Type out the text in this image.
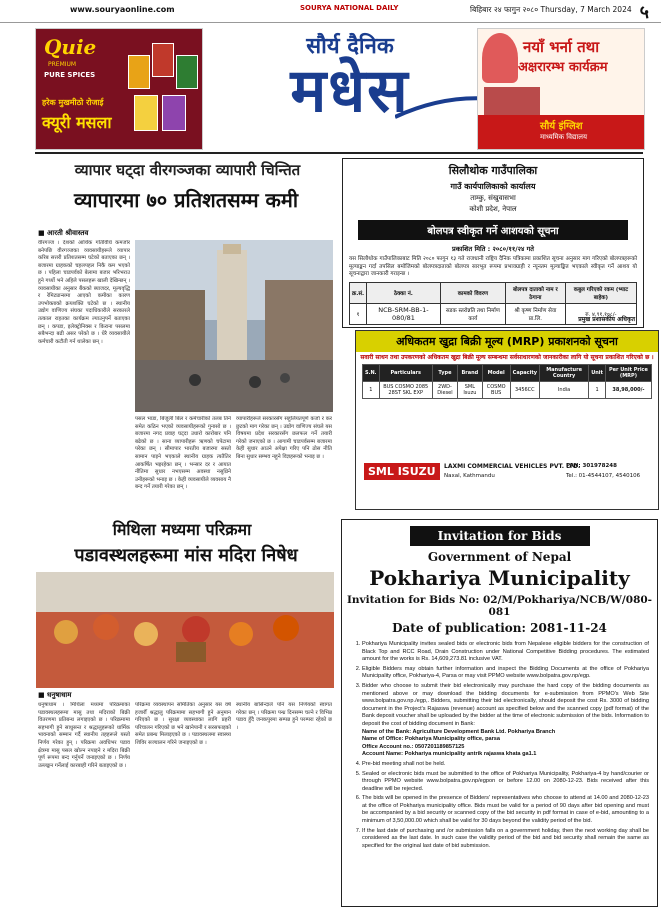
www.souryaonline.com	SOURYA NATIONAL DAILY	बिहिबार २४ फागुन २०८० Thursday, 7 March 2024 ५
Quie
PREMIUM
PURE SPICES
हरेक मुखमीठो रोजाई
क्यूरी मसला
सौर्य दैनिक
मधेस
नयाँ भर्ना तथा
अक्षरारम्भ कार्यक्रम
सौर्य इंग्लिश
माध्यमिक विद्यालय
व्यापार घट्दा वीरगञ्जका व्यापारी चिन्तित
व्यापारमा ७० प्रतिशतसम्म कमी
■ आरती श्रीवास्तव
वीरगञ्ज । देशको आर्थिक गतिविधि कमजोर बनेपछि वीरगञ्जका व्यवसायीहरूले व्यापार करिब सत्तरी प्रतिशतसम्म घटेको बताएका छन् । बजारमा ग्राहकको चहलपहल निकै कम भएको छ । पहिला चाडपर्वको बेलामा बजार भरिभराउ हुने गर्थ्यो भने अहिले पसलहरू खाली देखिन्छन् । व्यवसायीका अनुसार बैंकको ब्याजदर, मूल्यवृद्धि र रेमिट्यान्समा आएको कमीका कारण उपभोक्ताको क्रयशक्ति घटेको छ । स्थानीय उद्योग वाणिज्य संघका पदाधिकारीले सरकारले तत्काल राहतका कार्यक्रम ल्याउनुपर्ने बताएका छन् । कपडा, इलेक्ट्रोनिक्स र किराना पसलमा सबैभन्दा बढी असर परेको छ । धेरै व्यवसायीले कर्मचारी कटौती गर्न थालेका छन् ।
पसल भाडा, बिजुली बिल र कर्मचारीको तलब तिर्न समेत कठिन भएको व्यवसायीहरूको गुनासो छ । बजारमा नगद प्रवाह घट्दा उधारो कारोबार पनि बढेको छ । साना व्यापारीहरू ऋणको चपेटामा परेका छन् । सीमापार भारतीय बजारमा सस्तो सामान पाइने भएकाले स्थानीय ग्राहक त्यतैतिर आकर्षित भइरहेका छन् । भन्सार दर र आयात नीतिमा सुधार नभएसम्म अवस्था नसुध्रिने उनीहरूको भनाइ छ । केही व्यवसायीले व्यवसाय नै बन्द गर्ने तयारी गरेका छन् ।
व्यापारीहरूले सरकारसँग सहुलियतपूर्ण कर्जा र कर छुटको माग गरेका छन् । उद्योग वाणिज्य संघले यस विषयमा प्रदेश सरकारसँग छलफल गर्ने तयारी गरेको जनाएको छ । आगामी चाडपर्वसम्म बजारमा केही सुधार आउने अपेक्षा गरिए पनि ठोस नीति बिना सुधार सम्भव नहुने विज्ञहरूको भनाइ छ ।
सिलौथोक गाउँपालिका
गाउँ कार्यपालिकाको कार्यालय
ताम्कु, संखुवासभा
कोशी प्रदेश, नेपाल
बोलपत्र स्वीकृत गर्ने आशयको सूचना
प्रकाशित मिति : २०८०/११/२४ गते
यस सिलौथोक गाउँपालिकाबाट मिति २०८० फागुन १३ गते राजधानी राष्ट्रिय दैनिक पत्रिकामा प्रकाशित सूचना अनुसार माग गरिएको बोलपत्रहरूको मूल्याङ्कन गर्दा तपसिल बमोजिमको बोलपत्रदाताको बोलपत्र सारभूत रूपमा प्रभावग्राही र न्यूनतम मूल्याङ्कित भएकाले स्वीकृत गर्ने आशय यो सूचनाद्वारा जानकारी गराइन्छ ।
क्र.सं.	ठेक्का नं.	कामको विवरण	बोलपत्र दाताको नाम र ठेगाना	कबुल गरिएको रकम (भ्याट बाहेक)
१	NCB-SRM-BB-1-080/81	सडक स्तरोन्नति तथा निर्माण कार्य	श्री कृष्ण निर्माण सेवा प्रा.लि.	रु. ४,९१,१०८/-
प्रमुख प्रशासकीय अधिकृत
अधिकतम खुद्रा बिक्री मूल्य (MRP) प्रकाशनको सूचना
सवारी साधन तथा उपकरणको अधिकतम खुद्रा बिक्री मूल्य सम्बन्धमा सर्वसाधारणको जानकारीका लागि यो सूचना प्रकाशित गरिएको छ ।
S.N.	Particulars	Type	Brand	Model	Capacity	Manufacture Country	Unit	Per Unit Price (MRP)
1	BUS COSMO 2085 28ST SKL EXP	2WD-Diesel	SML Isuzu	COSMO BUS	3456CC	India	1	38,98,000/-
SML ISUZU	LAXMI COMMERCIAL VEHICLES PVT. LTD.
Naxal, Kathmandu
PAN: 301978248
Tel.: 01-4544107, 4540106
मिथिला मध्यमा परिक्रमा
पडावस्थलहरूमा मांस मदिरा निषेध
■ धनुषाधाम
धनुषाधाम । मिथिला मध्यमा परिक्रमाका पडावस्थलहरूमा मासु तथा मदिराको बिक्री वितरणमा प्रतिबन्ध लगाइएको छ । परिक्रमामा सहभागी हुने साधुसन्त र श्रद्धालुहरूको धार्मिक भावनाको सम्मान गर्दै स्थानीय तहहरूले यस्तो निर्णय गरेका हुन् । परिक्रमा अवधिभर पडाव क्षेत्रमा मासु पसल खोल्न नपाइने र मदिरा बिक्री पूर्ण रूपमा बन्द गर्नुपर्ने जनाइएको छ । निर्णय उल्लङ्घन गर्नेलाई कारबाही गरिने बताइएको छ ।
परिक्रमा व्यवस्थापन समितिका अनुसार यस वर्ष हजारौँ श्रद्धालु परिक्रमामा सहभागी हुने अनुमान गरिएको छ । सुरक्षा व्यवस्थाका लागि प्रहरी परिचालन गरिएको छ भने खानेपानी र सरसफाइको समेत प्रबन्ध मिलाइएको छ । पडावस्थलमा स्वास्थ्य शिविर सञ्चालन गरिने जनाइएको छ ।
स्थानीय बासिन्दाले पनि यस निर्णयको स्वागत गरेका छन् । परिक्रमा पन्ध्र दिनसम्म चल्ने र विभिन्न पडाव हुँदै जनकपुरमा सम्पन्न हुने परम्परा रहेको छ ।
Invitation for Bids
Government of Nepal
Pokhariya Municipality
Invitation for Bids No: 02/M/Pokhariya/NCB/W/080-081
Date of publication: 2081-11-24
1. Pokhariya Municipality invites sealed bids or electronic bids from Nepalese eligible bidders for the construction of Black Top and RCC Road, Drain Construction under National Competitive Bidding procedures. The estimated amount for the works is Rs. 14,609,273.81 inclusive VAT.
2. Eligible Bidders may obtain further information and inspect the Bidding Documents at the office of Pokhariya Municipality office, Pokhariya-4, Parsa or may visit PPMO website www.bolpatra.gov.np/egp.
3. Bidder who choose to submit their bid electronically may purchase the hard copy of the bidding documents as mentioned above or may download the bidding documents for e-submission from PPMO's Web Site www.bolpatra.gov.np./egp,. Bidders, submitting their bid electronically, should deposit the cost Rs. 3000 of bidding document in the Project's Rajaswa (revenue) account as specified below and the scanned copy (pdf format) of the Bank deposit voucher shall be uploaded by the bidder at the time of electronic submission of the bids. Information to deposit the cost of bidding document in Bank:
Name of the Bank: Agriculture Development Bank Ltd. Pokhariya Branch
Name of Office: Pokhariya Municipality office, parsa
Office Account no.: 0507201189857125
Account Name: Pokhariya municipality antrik rajaswa khata ga1.1
4. Pre-bid meeting shall not be held.
5. Sealed or electronic bids must be submitted to the office of Pokhariya Municipality, Pokhariya-4 by hand/courier or through PPMO website www.bolpatra.gov.np/egpon or before 12.00 on 2080-12-23. Bids received after this deadline will be rejected.
6. The bids will be opened in the presence of Bidders' representatives who choose to attend at 14.00 and 2080-12-23 at the office of Pokhariya municipality office. Bids must be valid for a period of 90 days after bid opening and must be accompanied by a bid security or scanned copy of the bid security in pdf format in case of e-bid, amounting to a minimum of 3,50,000.00 which shall be valid for 30 days beyond the validity period of the bid.
7. If the last date of purchasing and /or submission falls on a government holiday, then the next working day shall be considered as the last date. In such case the validity period of the bid and bid security shall remain the same as specified for the original last date of bid submission.
